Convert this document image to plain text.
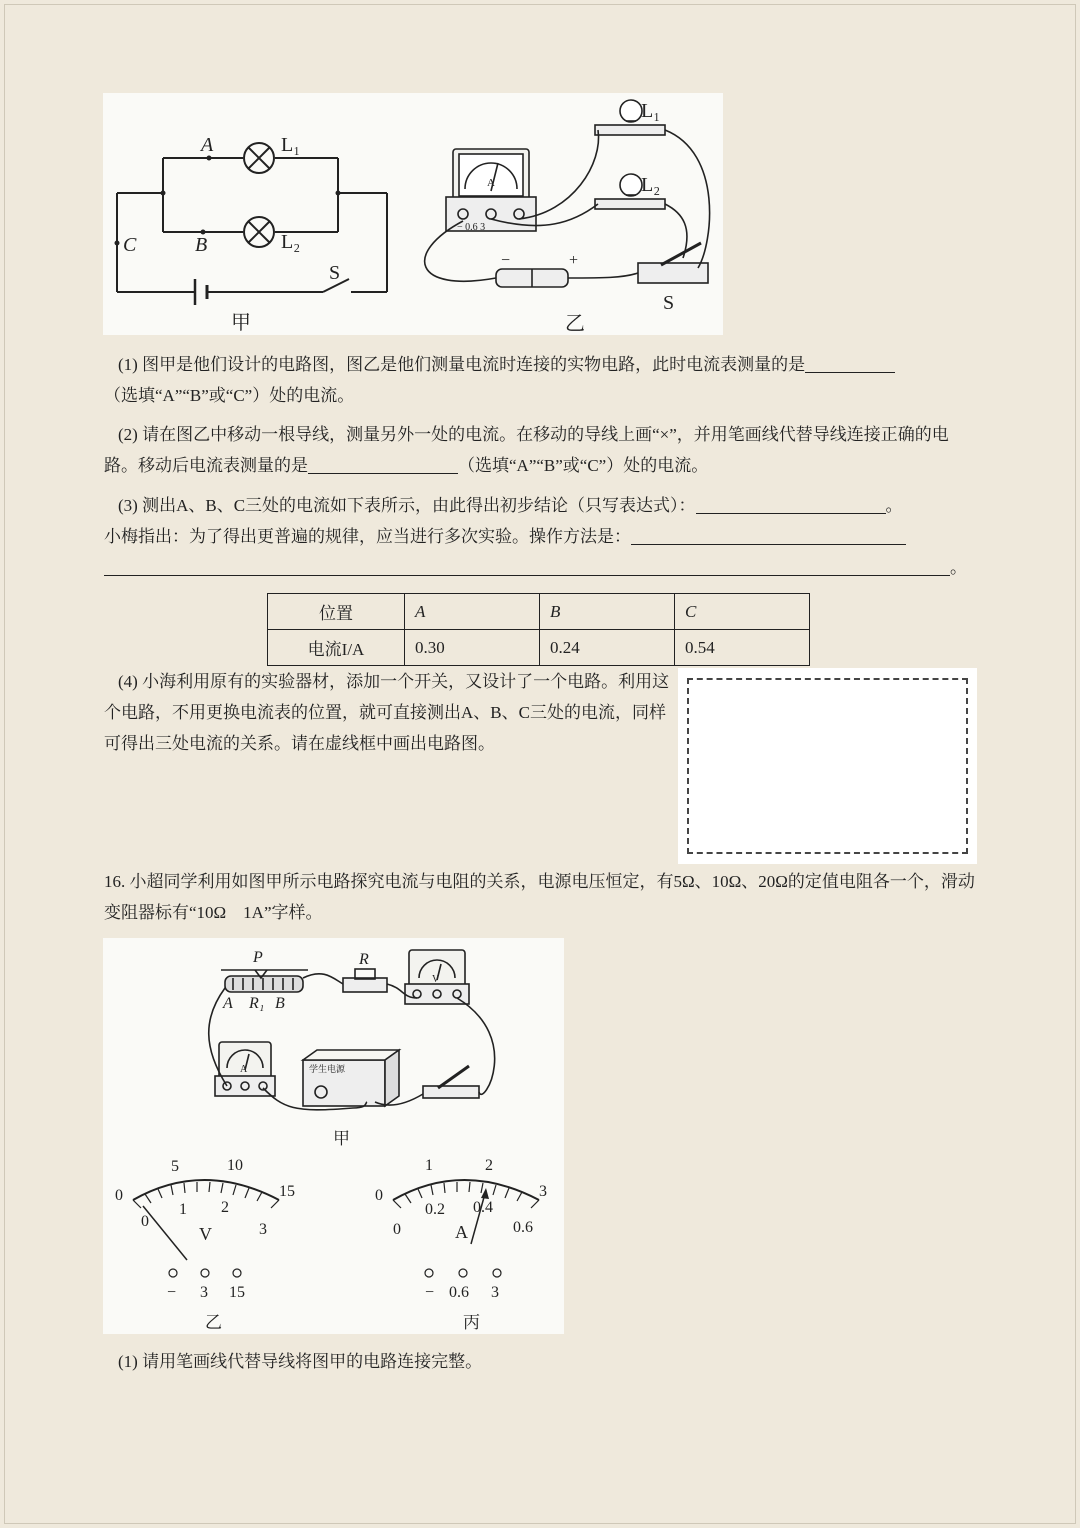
A
B
C
L₁
L₂
S
甲
A
− 0.6 3
L₁
L₂
S
−	+
乙
(1) 图甲是他们设计的电路图，图乙是他们测量电流时连接的实物电路，此时电流表测量的是
（选填“A”“B”或“C”）处的电流。
(2) 请在图乙中移动一根导线，测量另外一处的电流。在移动的导线上画“×”，并用笔画线代替导线连接正确的电路。移动后电流表测量的是	（选填“A”“B”或“C”）处的电流。
(3) 测出A、B、C三处的电流如下表所示，由此得出初步结论（只写表达式）：	。
小梅指出：为了得出更普遍的规律，应当进行多次实验。操作方法是：
。
位置	A	B	C
电流I/A	0.30	0.24	0.54
(4) 小海利用原有的实验器材，添加一个开关，又设计了一个电路。利用这个电路，不用更换电流表的位置，就可直接测出A、B、C三处的电流，同样可得出三处电流的关系。请在虚线框中画出电路图。
16. 小超同学利用如图甲所示电路探究电流与电阻的关系，电源电压恒定，有5Ω、10Ω、20Ω的定值电阻各一个，滑动变阻器标有“10Ω　1A”字样。
P	R
A R₁ B
V
A	学生电源
甲
0
5	10
15
0
1 2
3
V
− 3 15
乙
0
1	2
3
0
0.2 0.4
0.6
A
− 0.6 3
丙
(1) 请用笔画线代替导线将图甲的电路连接完整。
